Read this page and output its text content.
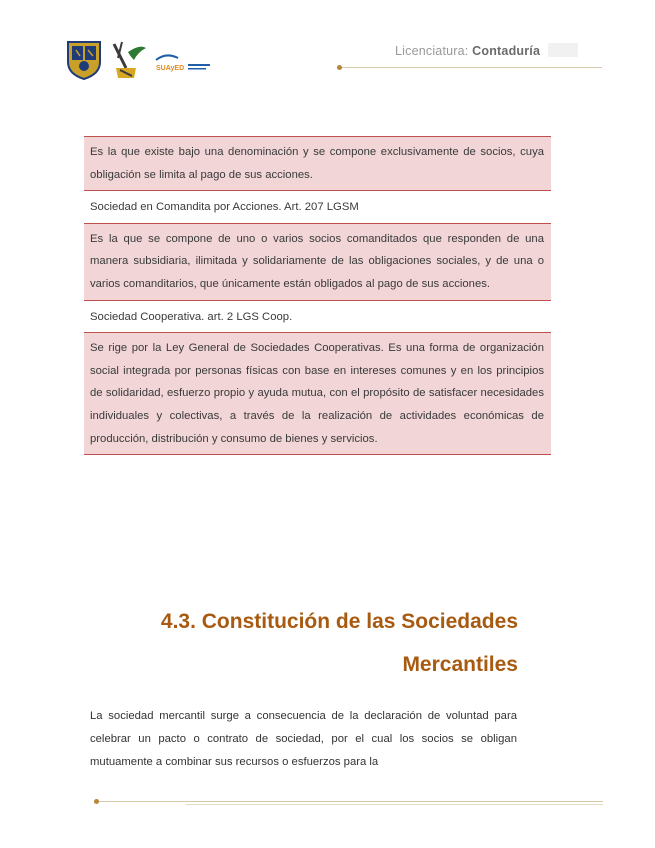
SUAyED
Licenciatura: Contaduría
Es la que existe bajo una denominación y se compone exclusivamente de socios, cuya obligación se limita al pago de sus acciones.
Sociedad en Comandita por Acciones. Art. 207 LGSM
Es la que se compone de uno o varios socios comanditados que responden de una manera subsidiaria, ilimitada y solidariamente de las obligaciones sociales, y de una o varios comanditarios, que únicamente están obligados al pago de sus acciones.
Sociedad Cooperativa. art. 2 LGS Coop.
Se rige por la Ley General de Sociedades Cooperativas. Es una forma de organización social integrada por personas físicas con base en intereses comunes y en los principios de solidaridad, esfuerzo propio y ayuda mutua, con el propósito de satisfacer necesidades individuales y colectivas, a través de la realización de actividades económicas de producción, distribución y consumo de bienes y servicios.
4.3. Constitución de las Sociedades
Mercantiles
La sociedad mercantil surge a consecuencia de la declaración de voluntad para celebrar un pacto o contrato de sociedad, por el cual los socios se obligan mutuamente a combinar sus recursos o esfuerzos para la
